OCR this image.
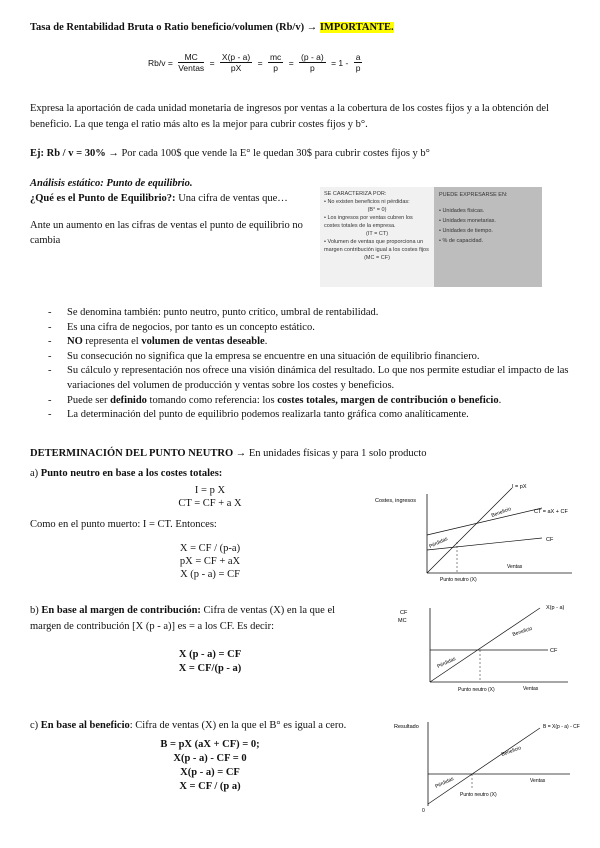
Tasa de Rentabilidad Bruta o Ratio beneficio/volumen (Rb/v) → IMPORTANTE.
$Rb/v = \frac{MC}{\text{Ventas}} = \frac{X(p - a)}{pX} = \frac{mc}{p} = \frac{(p - a)}{p} = 1 - \frac{a}{p}$
Expresa la aportación de cada unidad monetaria de ingresos por ventas a la cobertura de los costes fijos y a la obtención del beneficio. La que tenga el ratio más alto es la mejor para cubrir costes fijos y b°.
Ej: Rb / v = 30% → Por cada 100$ que vende la E° le quedan 30$ para cubrir costes fijos y b°
Análisis estático: Punto de equilibrio.
¿Qué es el Punto de Equilibrio?: Una cifra de ventas que…
Ante un aumento en las cifras de ventas el punto de equilibrio no cambia
SE CARACTERIZA POR:
• No existen beneficios ni pérdidas:
(B° = 0)
• Los ingresos por ventas cubren los costes totales de la empresa.
(IT = CT)
• Volumen de ventas que proporciona un margen contribución igual a los costes fijos
(MC = CF)
PUEDE EXPRESARSE EN:
• Unidades físicas.
• Unidades monetarias.
• Unidades de tiempo.
• % de capacidad.
- Se denomina también: punto neutro, punto crítico, umbral de rentabilidad.
- Es una cifra de negocios, por tanto es un concepto estático.
- NO representa el volumen de ventas deseable.
- Su consecución no significa que la empresa se encuentre en una situación de equilibrio financiero.
- Su cálculo y representación nos ofrece una visión dinámica del resultado. Lo que nos permite estudiar el impacto de las variaciones del volumen de producción y ventas sobre los costes y beneficios.
- Puede ser definido tomando como referencia: los costes totales, margen de contribución o beneficio.
- La determinación del punto de equilibrio podemos realizarla tanto gráfica como analíticamente.
DETERMINACIÓN DEL PUNTO NEUTRO → En unidades físicas y para 1 solo producto
a) Punto neutro en base a los costes totales:
I = p X
CT = CF + a X
Como en el punto muerto: I = CT. Entonces:
X = CF / (p-a)
pX = CF + aX
X (p - a) = CF
b) En base al margen de contribución: Cifra de ventas (X) en la que el margen de contribución [X (p - a)] es = a los CF. Es decir:
X (p - a) = CF
X = CF/(p - a)
c) En base al beneficio: Cifra de ventas (X) en la que el B° es igual a cero.
B = pX (aX + CF) = 0;
X(p - a) - CF = 0
X(p - a) = CF
X = CF / (p a)
Costes, ingresos
I = pX
CT = aX + CF
CF
Beneficio
Pérdidas
Punto neutro (X)
Ventas
CF
MC
X(p - a)
CF
Beneficio
Pérdidas
Punto neutro (X)	Ventas
Resultado	B = X(p - a) - CF
Beneficio
Pérdidas
Punto neutro (X)
Ventas
0
